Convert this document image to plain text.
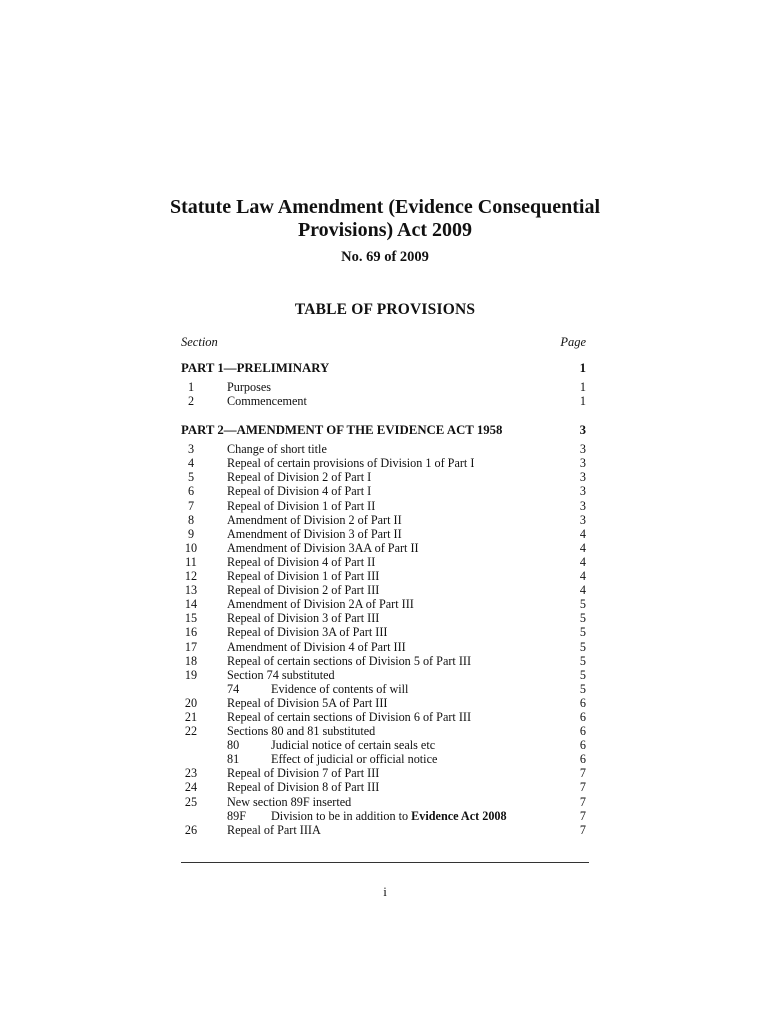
Statute Law Amendment (Evidence Consequential
Provisions) Act 2009
No. 69 of 2009
TABLE OF PROVISIONS
Section	Page
PART 1—PRELIMINARY	1
1	Purposes	1
2	Commencement	1
PART 2—AMENDMENT OF THE EVIDENCE ACT 1958	3
3	Change of short title	3
4	Repeal of certain provisions of Division 1 of Part I	3
5	Repeal of Division 2 of Part I	3
6	Repeal of Division 4 of Part I	3
7	Repeal of Division 1 of Part II	3
8	Amendment of Division 2 of Part II	3
9	Amendment of Division 3 of Part II	4
10	Amendment of Division 3AA of Part II	4
11	Repeal of Division 4 of Part II	4
12	Repeal of Division 1 of Part III	4
13	Repeal of Division 2 of Part III	4
14	Amendment of Division 2A of Part III	5
15	Repeal of Division 3 of Part III	5
16	Repeal of Division 3A of Part III	5
17	Amendment of Division 4 of Part III	5
18	Repeal of certain sections of Division 5 of Part III	5
19	Section 74 substituted	5
74	Evidence of contents of will	5
20	Repeal of Division 5A of Part III	6
21	Repeal of certain sections of Division 6 of Part III	6
22	Sections 80 and 81 substituted	6
80	Judicial notice of certain seals etc	6
81	Effect of judicial or official notice	6
23	Repeal of Division 7 of Part III	7
24	Repeal of Division 8 of Part III	7
25	New section 89F inserted	7
89F Division to be in addition to Evidence Act 2008	7
26	Repeal of Part IIIA	7
i
